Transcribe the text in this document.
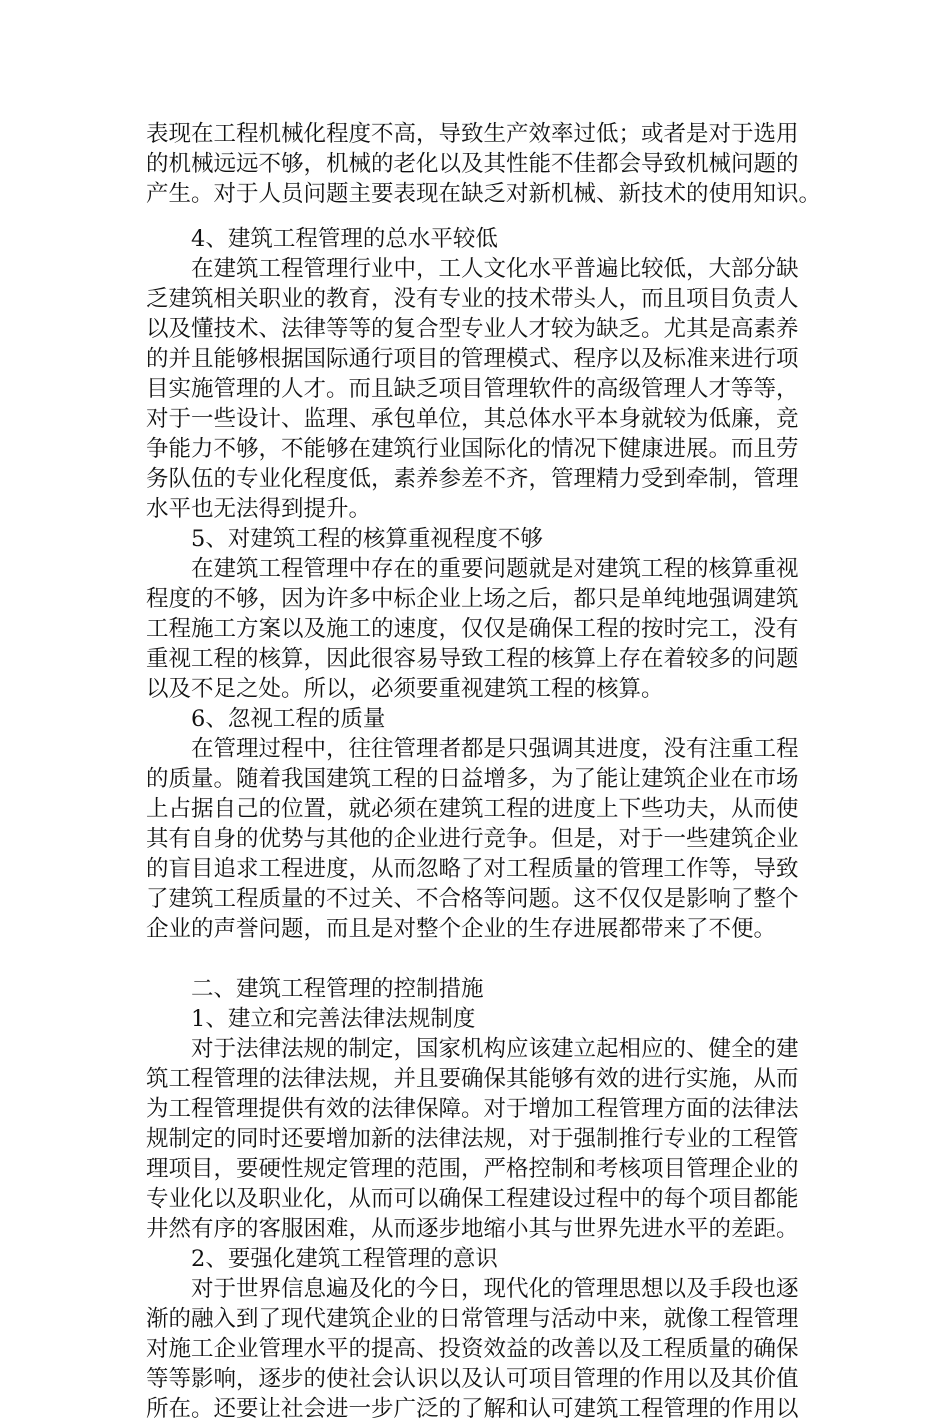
表现在工程机械化程度不高，导致生产效率过低；或者是对于选用
的机械远远不够，机械的老化以及其性能不佳都会导致机械问题的
产生。对于人员问题主要表现在缺乏对新机械、新技术的使用知识。
4、建筑工程管理的总水平较低
在建筑工程管理行业中，工人文化水平普遍比较低，大部分缺
乏建筑相关职业的教育，没有专业的技术带头人，而且项目负责人
以及懂技术、法律等等的复合型专业人才较为缺乏。尤其是高素养
的并且能够根据国际通行项目的管理模式、程序以及标准来进行项
目实施管理的人才。而且缺乏项目管理软件的高级管理人才等等，
对于一些设计、监理、承包单位，其总体水平本身就较为低廉，竞
争能力不够，不能够在建筑行业国际化的情况下健康进展。而且劳
务队伍的专业化程度低，素养参差不齐，管理精力受到牵制，管理
水平也无法得到提升。
5、对建筑工程的核算重视程度不够
在建筑工程管理中存在的重要问题就是对建筑工程的核算重视
程度的不够，因为许多中标企业上场之后，都只是单纯地强调建筑
工程施工方案以及施工的速度，仅仅是确保工程的按时完工，没有
重视工程的核算，因此很容易导致工程的核算上存在着较多的问题
以及不足之处。所以，必须要重视建筑工程的核算。
6、忽视工程的质量
在管理过程中，往往管理者都是只强调其进度，没有注重工程
的质量。随着我国建筑工程的日益增多，为了能让建筑企业在市场
上占据自己的位置，就必须在建筑工程的进度上下些功夫，从而使
其有自身的优势与其他的企业进行竞争。但是，对于一些建筑企业
的盲目追求工程进度，从而忽略了对工程质量的管理工作等，导致
了建筑工程质量的不过关、不合格等问题。这不仅仅是影响了整个
企业的声誉问题，而且是对整个企业的生存进展都带来了不便。
二、建筑工程管理的控制措施
1、建立和完善法律法规制度
对于法律法规的制定，国家机构应该建立起相应的、健全的建
筑工程管理的法律法规，并且要确保其能够有效的进行实施，从而
为工程管理提供有效的法律保障。对于增加工程管理方面的法律法
规制定的同时还要增加新的法律法规，对于强制推行专业的工程管
理项目，要硬性规定管理的范围，严格控制和考核项目管理企业的
专业化以及职业化，从而可以确保工程建设过程中的每个项目都能
井然有序的客服困难，从而逐步地缩小其与世界先进水平的差距。
2、要强化建筑工程管理的意识
对于世界信息遍及化的今日，现代化的管理思想以及手段也逐
渐的融入到了现代建筑企业的日常管理与活动中来，就像工程管理
对施工企业管理水平的提高、投资效益的改善以及工程质量的确保
等等影响，逐步的使社会认识以及认可项目管理的作用以及其价值
所在。还要让社会进一步广泛的了解和认可建筑工程管理的作用以
